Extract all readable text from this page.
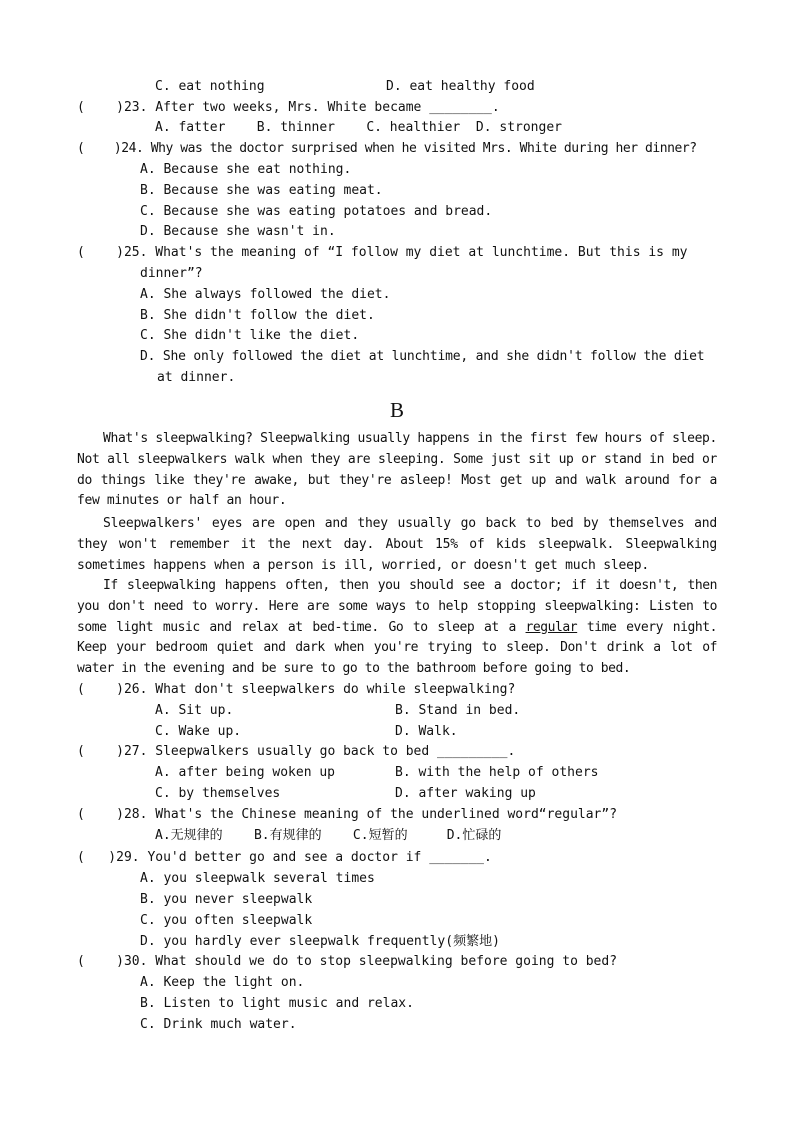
C. eat nothing	D. eat healthy food
(    )23. After two weeks, Mrs. White became ________.
A. fatter    B. thinner    C. healthier  D. stronger
(    )24. Why was the doctor surprised when he visited Mrs. White during her dinner?
A. Because she eat nothing.
B. Because she was eating meat.
C. Because she was eating potatoes and bread.
D. Because she wasn't in.
(    )25. What's the meaning of “I follow my diet at lunchtime. But this is my
dinner”?
A. She always followed the diet.
B. She didn't follow the diet.
C. She didn't like the diet.
D. She only followed the diet at lunchtime, and she didn't follow the diet
at dinner.
B
What's sleepwalking? Sleepwalking usually happens in the first few hours of sleep. Not all sleepwalkers walk when they are sleeping. Some just sit up or stand in bed or do things like they're awake, but they're asleep! Most get up and walk around for a few minutes or half an hour.
Sleepwalkers' eyes are open and they usually go back to bed by themselves and they won't remember it the next day. About 15% of kids sleepwalk. Sleepwalking sometimes happens when a person is ill, worried, or doesn't get much sleep.
If sleepwalking happens often, then you should see a doctor; if it doesn't, then you don't need to worry. Here are some ways to help stopping sleepwalking: Listen to some light music and relax at bed-time. Go to sleep at a regular time every night. Keep your bedroom quiet and dark when you're trying to sleep. Don't drink a lot of water in the evening and be sure to go to the bathroom before going to bed.
(    )26. What don't sleepwalkers do while sleepwalking?
A. Sit up.	B. Stand in bed.
C. Wake up.	D. Walk.
(    )27. Sleepwalkers usually go back to bed _________.
A. after being woken up	B. with the help of others
C. by themselves	D. after waking up
(    )28. What's the Chinese meaning of the underlined word“regular”?
A.无规律的    B.有规律的    C.短暂的     D.忙碌的
(   )29. You'd better go and see a doctor if _______.
A. you sleepwalk several times
B. you never sleepwalk
C. you often sleepwalk
D. you hardly ever sleepwalk frequently(频繁地)
(    )30. What should we do to stop sleepwalking before going to bed?
A. Keep the light on.
B. Listen to light music and relax.
C. Drink much water.
